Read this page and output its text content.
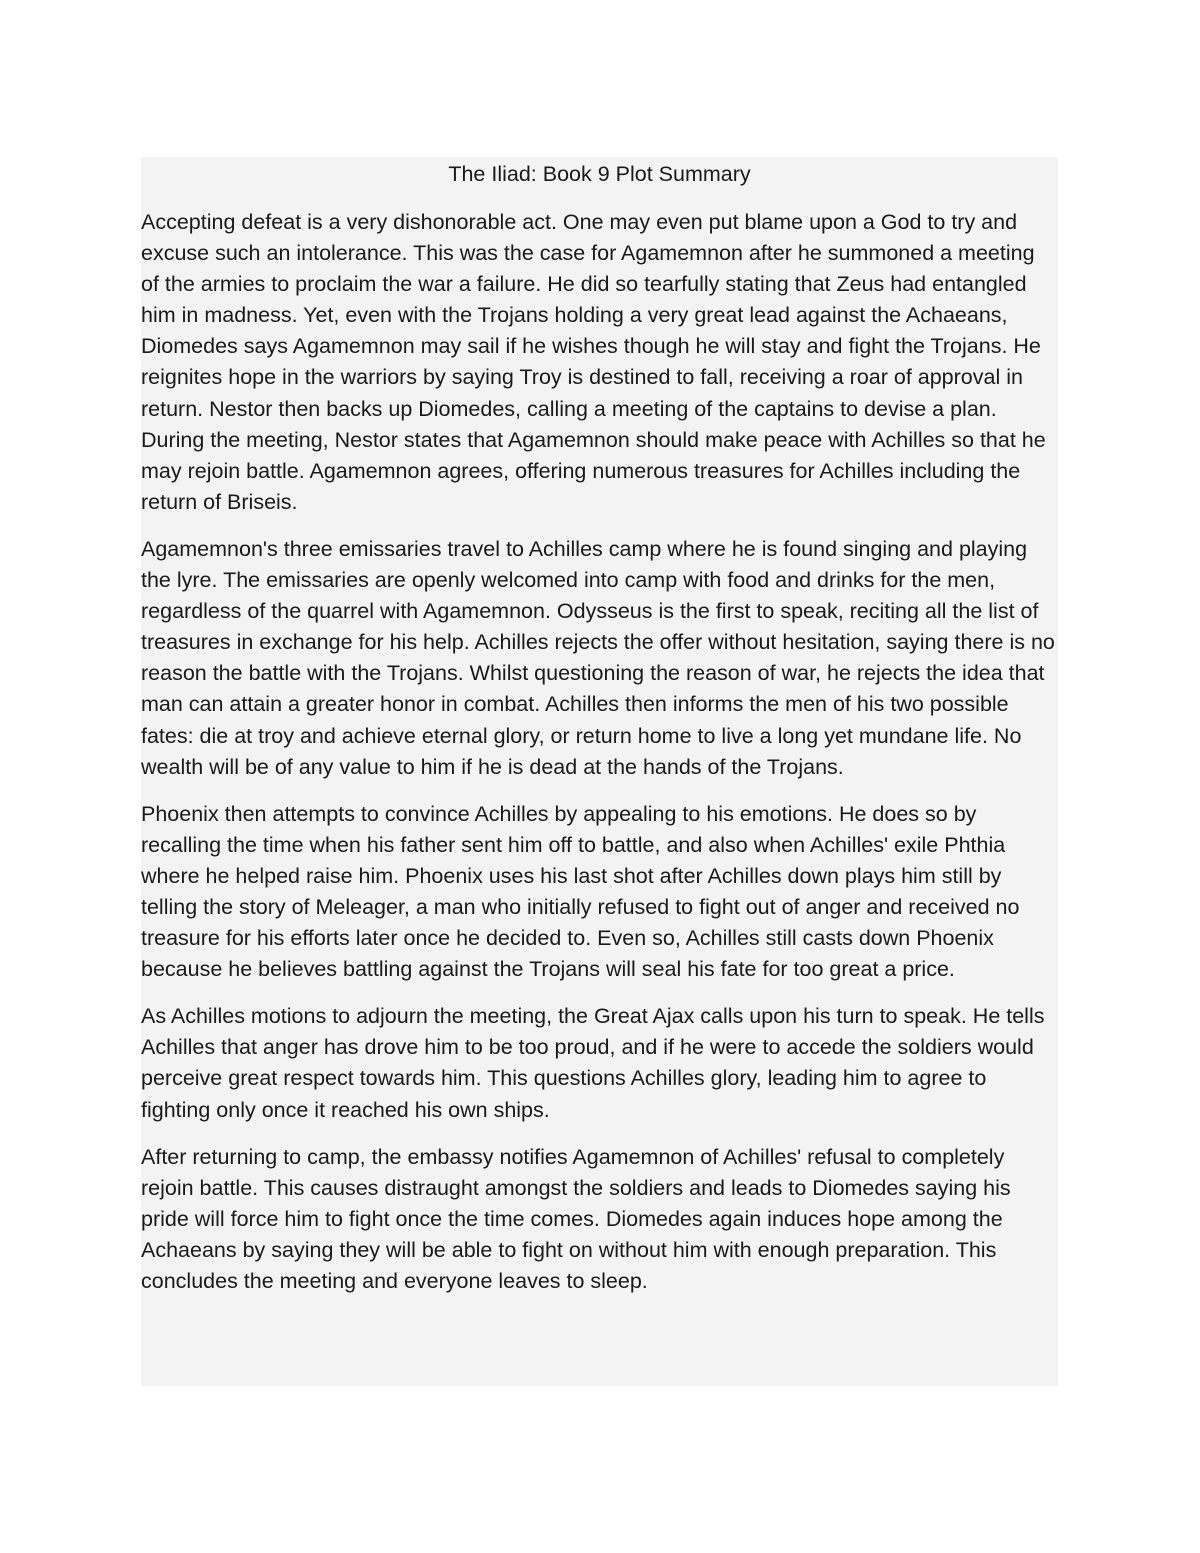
The Iliad: Book 9 Plot Summary

Accepting defeat is a very dishonorable act. One may even put blame upon a God to try and excuse such an intolerance. This was the case for Agamemnon after he summoned a meeting of the armies to proclaim the war a failure. He did so tearfully stating that Zeus had entangled him in madness. Yet, even with the Trojans holding a very great lead against the Achaeans, Diomedes says Agamemnon may sail if he wishes though he will stay and fight the Trojans. He reignites hope in the warriors by saying Troy is destined to fall, receiving a roar of approval in return. Nestor then backs up Diomedes, calling a meeting of the captains to devise a plan. During the meeting, Nestor states that Agamemnon should make peace with Achilles so that he may rejoin battle. Agamemnon agrees, offering numerous treasures for Achilles including the return of Briseis.

Agamemnon's three emissaries travel to Achilles camp where he is found singing and playing the lyre. The emissaries are openly welcomed into camp with food and drinks for the men, regardless of the quarrel with Agamemnon. Odysseus is the first to speak, reciting all the list of treasures in exchange for his help. Achilles rejects the offer without hesitation, saying there is no reason the battle with the Trojans. Whilst questioning the reason of war, he rejects the idea that man can attain a greater honor in combat. Achilles then informs the men of his two possible fates: die at troy and achieve eternal glory, or return home to live a long yet mundane life. No wealth will be of any value to him if he is dead at the hands of the Trojans.

Phoenix then attempts to convince Achilles by appealing to his emotions. He does so by recalling the time when his father sent him off to battle, and also when Achilles' exile Phthia where he helped raise him. Phoenix uses his last shot after Achilles down plays him still by telling the story of Meleager, a man who initially refused to fight out of anger and received no treasure for his efforts later once he decided to. Even so, Achilles still casts down Phoenix because he believes battling against the Trojans will seal his fate for too great a price.

As Achilles motions to adjourn the meeting, the Great Ajax calls upon his turn to speak. He tells Achilles that anger has drove him to be too proud, and if he were to accede the soldiers would perceive great respect towards him. This questions Achilles glory, leading him to agree to fighting only once it reached his own ships.

After returning to camp, the embassy notifies Agamemnon of Achilles' refusal to completely rejoin battle. This causes distraught amongst the soldiers and leads to Diomedes saying his pride will force him to fight once the time comes. Diomedes again induces hope among the Achaeans by saying they will be able to fight on without him with enough preparation. This concludes the meeting and everyone leaves to sleep.
